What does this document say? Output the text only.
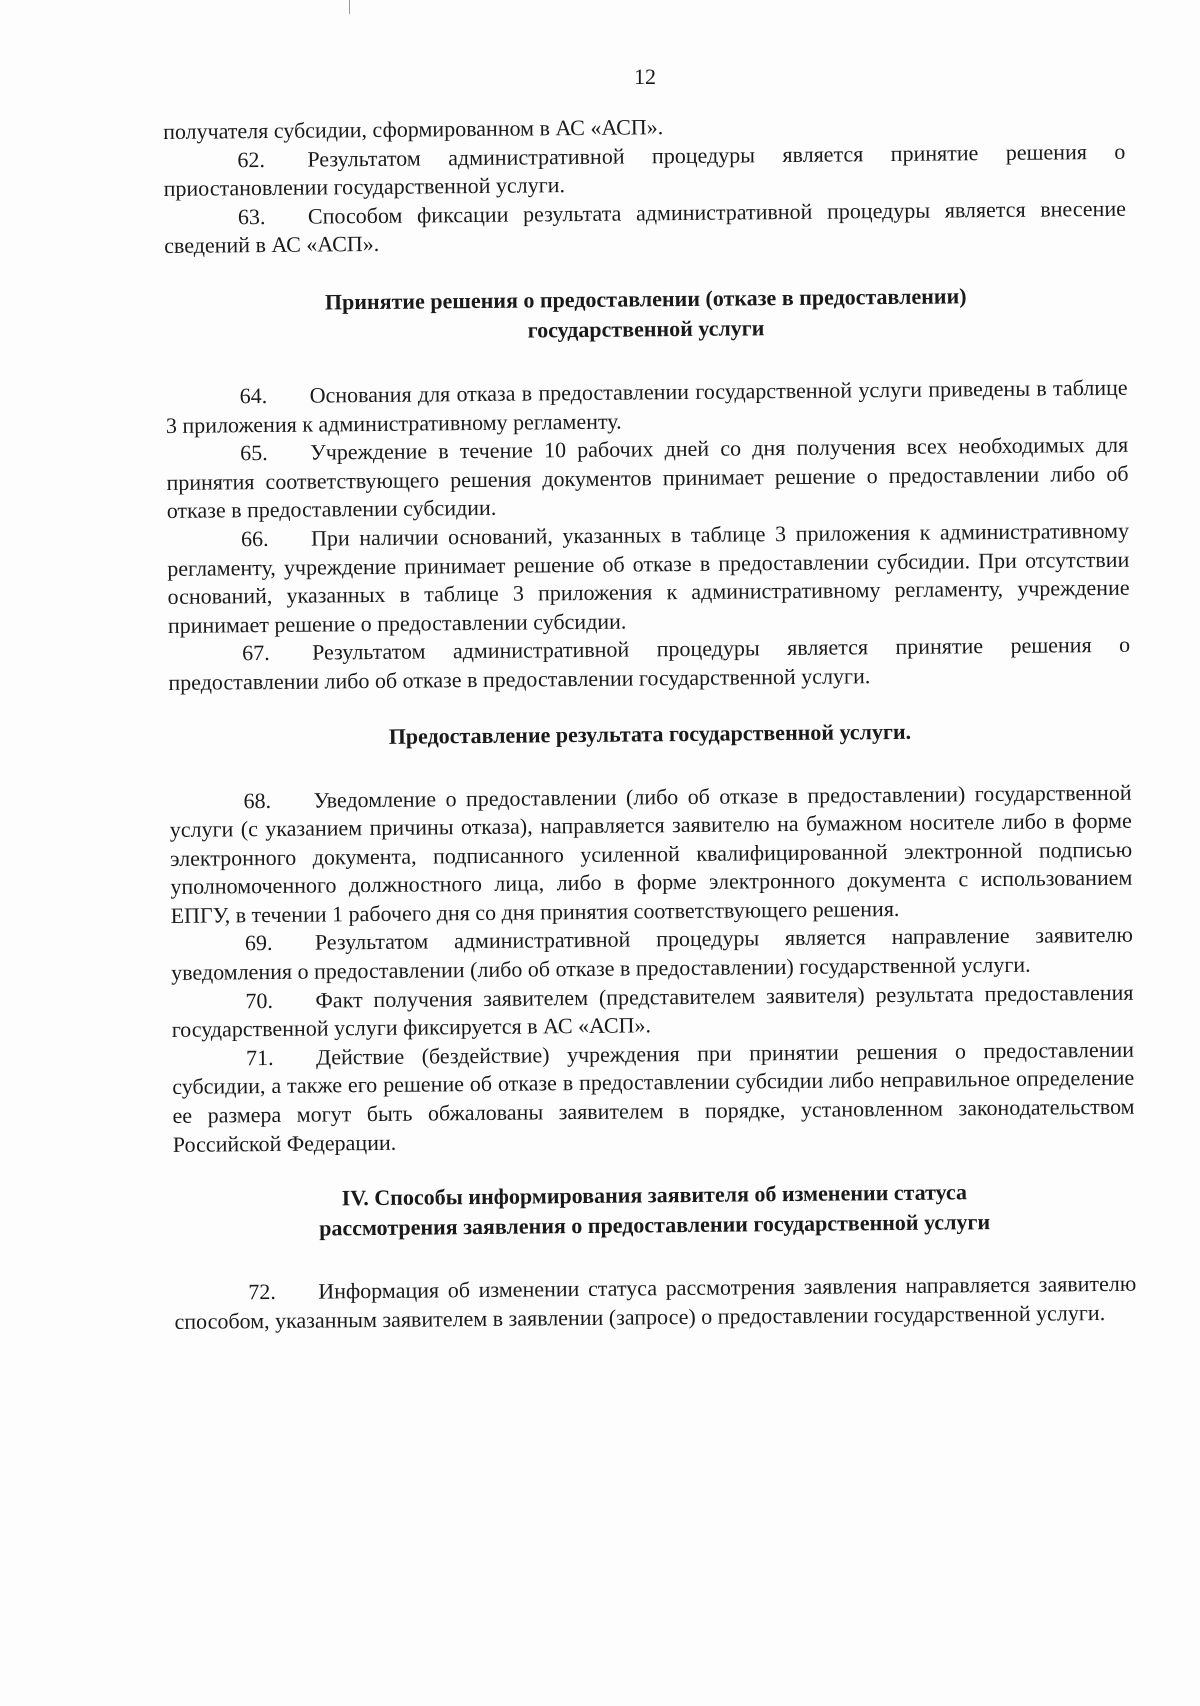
12

получателя субсидии, сформированном в АС «АСП».

62. Результатом административной процедуры является принятие решения о приостановлении государственной услуги.

63. Способом фиксации результата административной процедуры является внесение сведений в АС «АСП».

Принятие решения о предоставлении (отказе в предоставлении)
государственной услуги

64. Основания для отказа в предоставлении государственной услуги приведены в таблице 3 приложения к административному регламенту.

65. Учреждение в течение 10 рабочих дней со дня получения всех необходимых для принятия соответствующего решения документов принимает решение о предоставлении либо об отказе в предоставлении субсидии.

66. При наличии оснований, указанных в таблице 3 приложения к административному регламенту, учреждение принимает решение об отказе в предоставлении субсидии. При отсутствии оснований, указанных в таблице 3 приложения к административному регламенту, учреждение принимает решение о предоставлении субсидии.

67. Результатом административной процедуры является принятие решения о предоставлении либо об отказе в предоставлении государственной услуги.

Предоставление результата государственной услуги.

68. Уведомление о предоставлении (либо об отказе в предоставлении) государственной услуги (с указанием причины отказа), направляется заявителю на бумажном носителе либо в форме электронного документа, подписанного усиленной квалифицированной электронной подписью уполномоченного должностного лица, либо в форме электронного документа с использованием ЕПГУ, в течении 1 рабочего дня со дня принятия соответствующего решения.

69. Результатом административной процедуры является направление заявителю уведомления о предоставлении (либо об отказе в предоставлении) государственной услуги.

70. Факт получения заявителем (представителем заявителя) результата предоставления государственной услуги фиксируется в АС «АСП».

71. Действие (бездействие) учреждения при принятии решения о предоставлении субсидии, а также его решение об отказе в предоставлении субсидии либо неправильное определение ее размера могут быть обжалованы заявителем в порядке, установленном законодательством Российской Федерации.

IV. Способы информирования заявителя об изменении статуса
рассмотрения заявления о предоставлении государственной услуги

72. Информация об изменении статуса рассмотрения заявления направляется заявителю способом, указанным заявителем в заявлении (запросе) о предоставлении государственной услуги.
